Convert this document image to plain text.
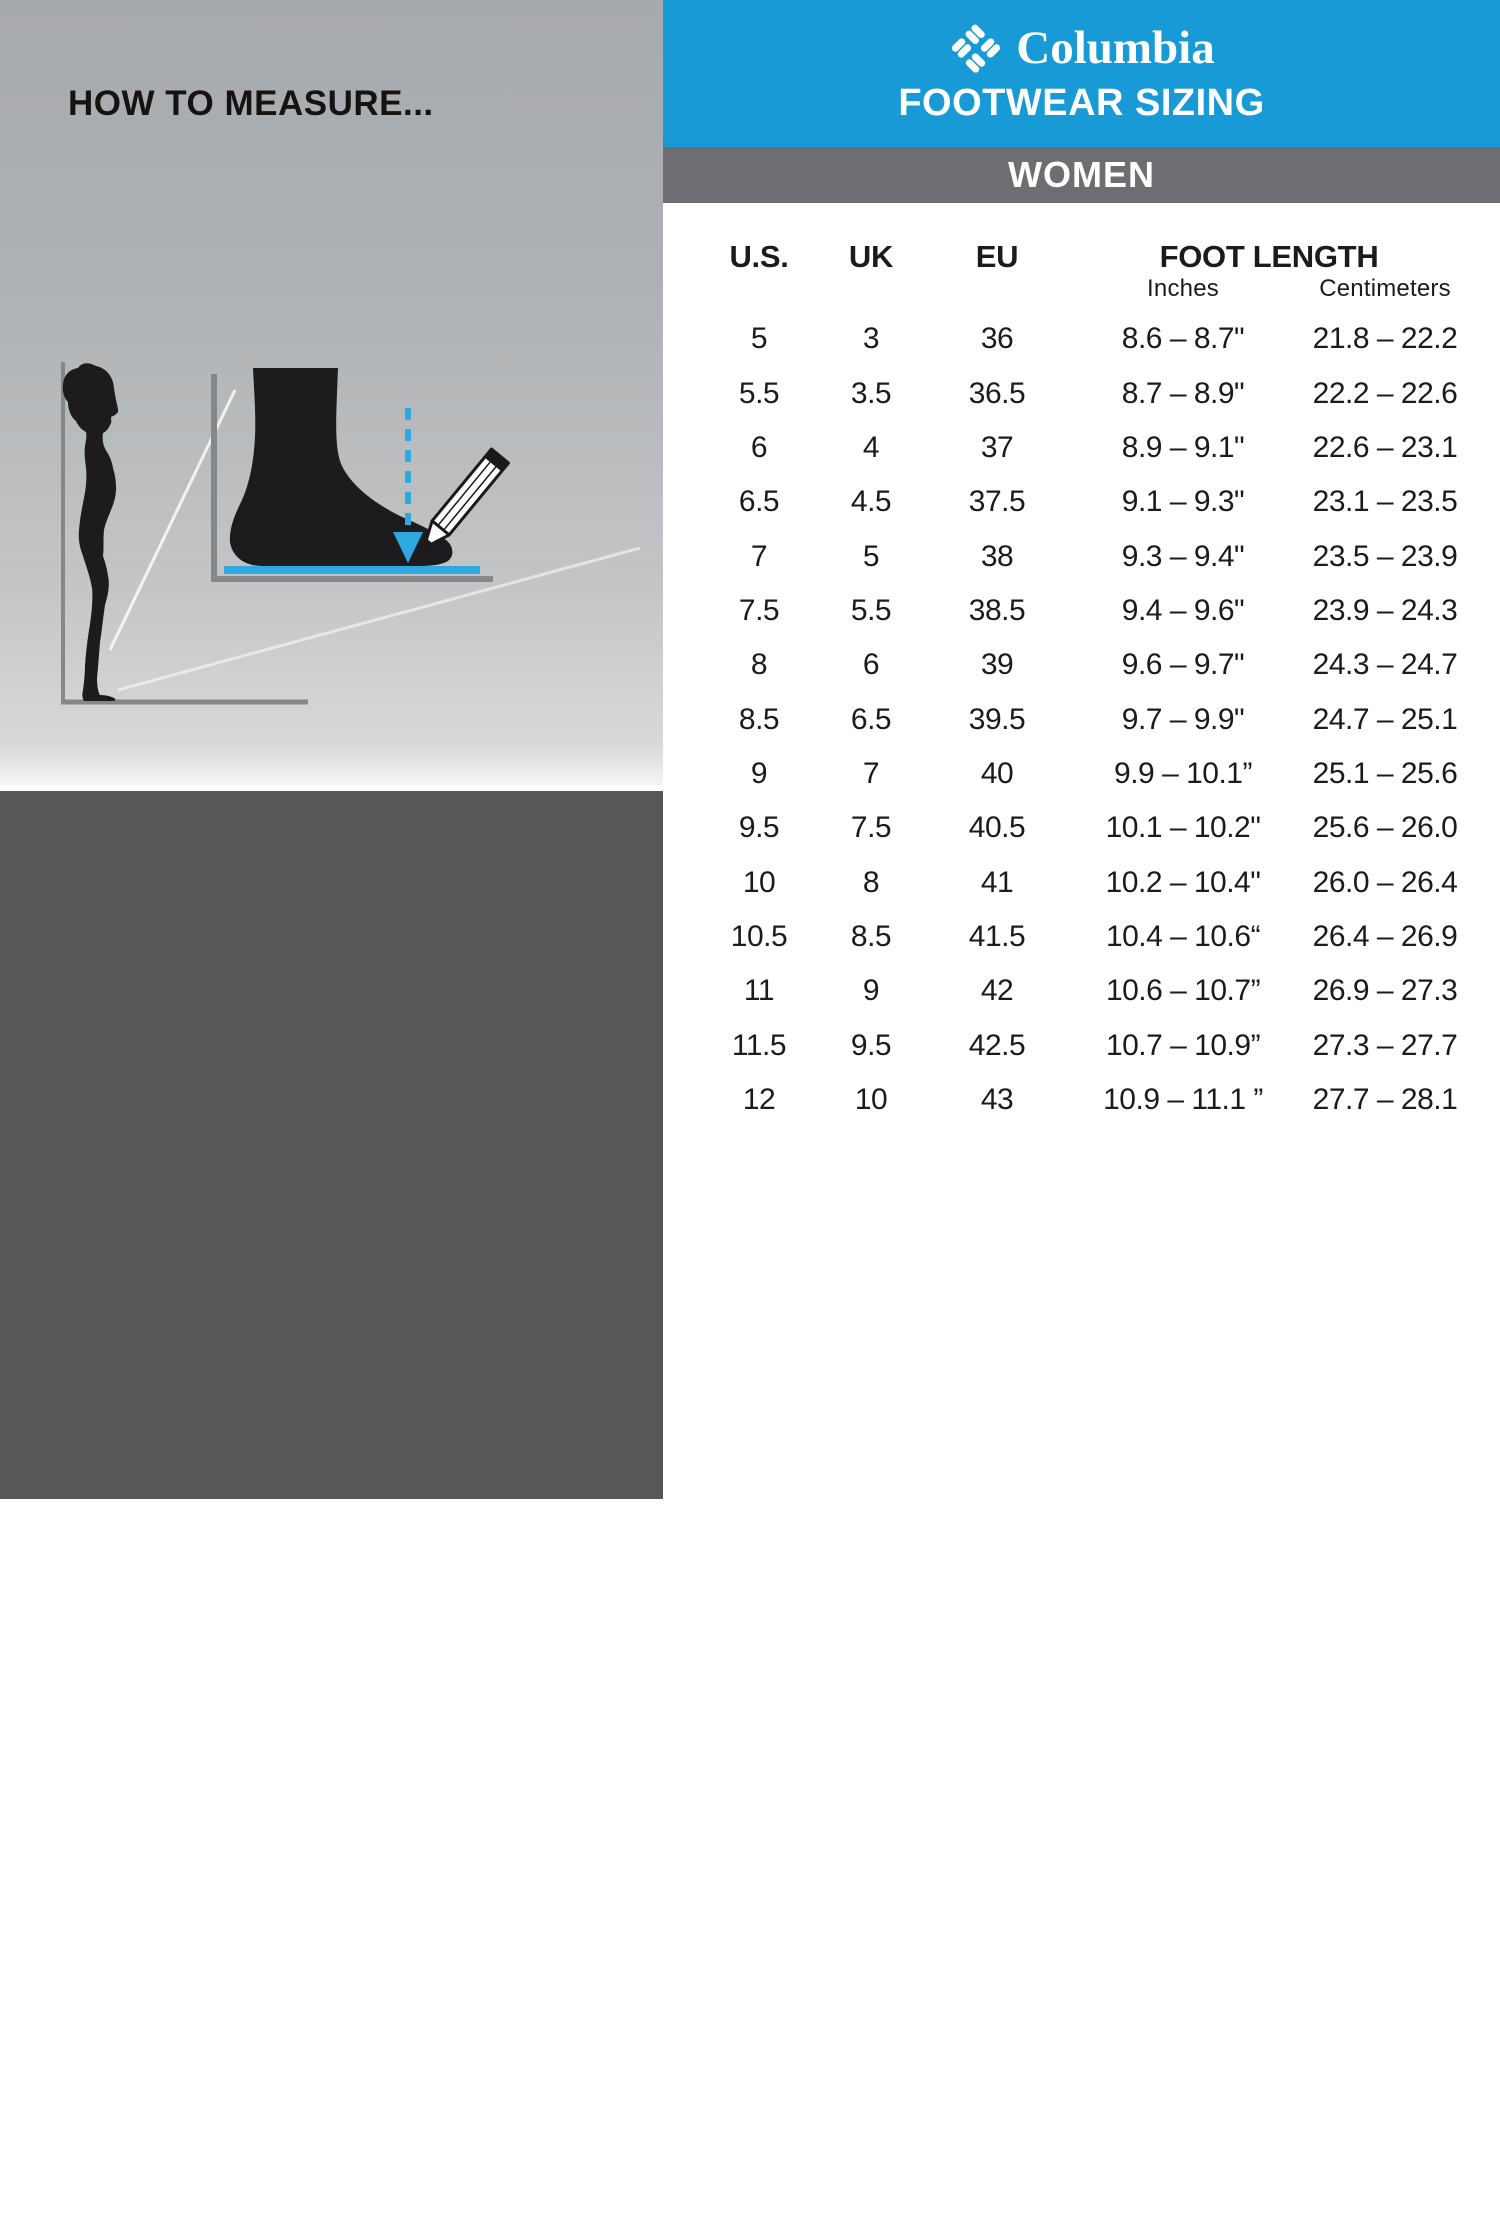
HOW TO MEASURE...
1. Place a blank sheet of paper against a wall or other 90 degree surface.
2. Place heel against wall on flat level surface.
3. Mark the end of the longest toe with a pen or pencil.
4. Measure both feet in inches or centimeters and use the larger measurement.
5. Read measurement and compare to size chart.
6. When comparing to the chart, use the closest larger measurement to determine your size per your country’s standard.
Columbia
FOOTWEAR SIZING
WOMEN
U.S.	UK	EU	FOOT LENGTH
Inches	Centimeters
5	3	36	8.6 – 8.7"	21.8 – 22.2
5.5	3.5	36.5	8.7 – 8.9"	22.2 – 22.6
6	4	37	8.9 – 9.1"	22.6 – 23.1
6.5	4.5	37.5	9.1 – 9.3"	23.1 – 23.5
7	5	38	9.3 – 9.4"	23.5 – 23.9
7.5	5.5	38.5	9.4 – 9.6"	23.9 – 24.3
8	6	39	9.6 – 9.7"	24.3 – 24.7
8.5	6.5	39.5	9.7 – 9.9"	24.7 – 25.1
9	7	40	9.9 – 10.1”	25.1 – 25.6
9.5	7.5	40.5	10.1 – 10.2"	25.6 – 26.0
10	8	41	10.2 – 10.4"	26.0 – 26.4
10.5	8.5	41.5	10.4 – 10.6“	26.4 – 26.9
11	9	42	10.6 – 10.7”	26.9 – 27.3
11.5	9.5	42.5	10.7 – 10.9”	27.3 – 27.7
12	10	43	10.9 – 11.1 ”	27.7 – 28.1
